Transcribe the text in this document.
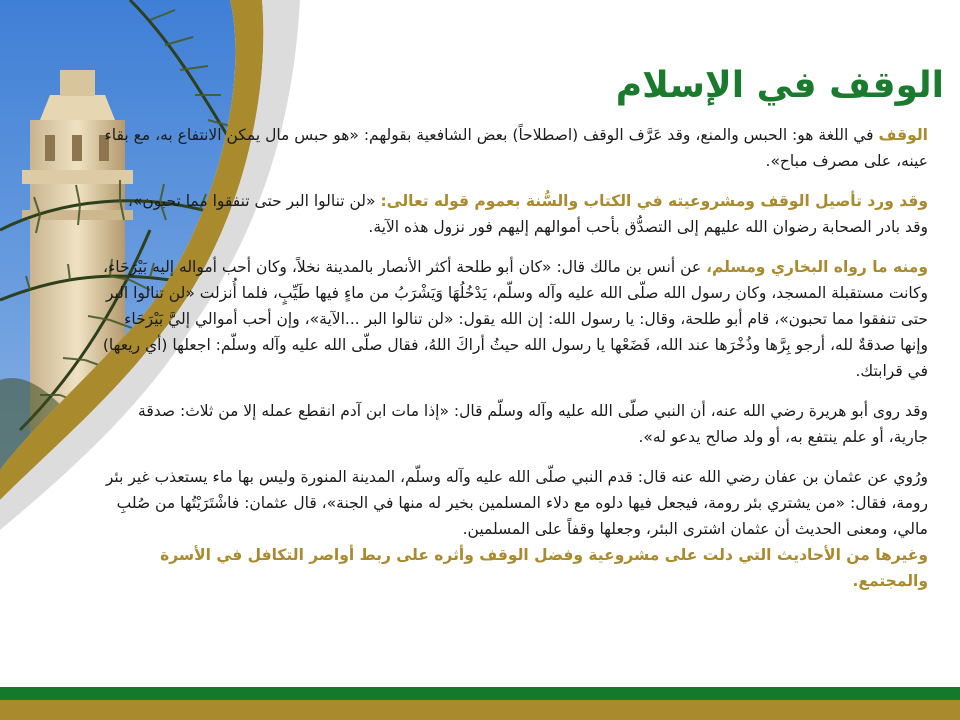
الوقف في الإسلام

الوقف في اللغة هو: الحبس والمنع، وقد عَرَّف الوقف (اصطلاحاً) بعض الشافعية بقولهم: «هو حبس مال يمكن الانتفاع به، مع بقاء عينه، على مصرف مباح».

وقد ورد تأصيل الوقف ومشروعيته في الكتاب والسُّنة بعموم قوله تعالى: «لن تنالوا البر حتى تنفقوا مما تحبون»، وقد بادر الصحابة رضوان الله عليهم إلى التصدُّق بأحب أموالهم إليهم فور نزول هذه الآية.

ومنه ما رواه البخاري ومسلم، عن أنس بن مالك قال: «كان أبو طلحة أكثر الأنصار بالمدينة نخلاً، وكان أحب أمواله إليه بَيْرَحَاء، وكانت مستقبلة المسجد، وكان رسول الله صلّى الله عليه وآله وسلّم، يَدْخُلُهَا وَيَشْرَبُ من ماءٍ فيها طَيِّبٍ، فلما أُنزلت «لن تنالوا البر حتى تنفقوا مما تحبون»، قام أبو طلحة، وقال: يا رسول الله: إن الله يقول: «لن تنالوا البر ...الآية»، وإن أحب أموالي إليَّ بَيْرَحَاء وإنها صدقةٌ لله، أرجو بِرَّها وذُخْرَها عند الله، فَضَعْها يا رسول الله حيثُ أراكَ اللهُ، فقال صلّى الله عليه وآله وسلّم: اجعلها (أي ريعها) في قرابتك.

وقد روى أبو هريرة رضي الله عنه، أن النبي صلّى الله عليه وآله وسلّم قال: «إذا مات ابن آدم انقطع عمله إلا من ثلاث: صدقة جارية، أو علم ينتفع به، أو ولد صالح يدعو له».

ورُوي عن عثمان بن عفان رضي الله عنه قال: قدم النبي صلّى الله عليه وآله وسلّم، المدينة المنورة وليس بها ماء يستعذب غير بئر رومة، فقال: «من يشتري بئر رومة، فيجعل فيها دلوه مع دلاء المسلمين بخير له منها في الجنة»، قال عثمان: فاشْتَرَيْتُها من صُلبِ مالي، ومعنى الحديث أن عثمان اشترى البئر، وجعلها وقفاً على المسلمين.

وغيرها من الأحاديث التي دلت على مشروعية وفضل الوقف وأثره على ربط أواصر التكافل في الأسرة والمجتمع.
